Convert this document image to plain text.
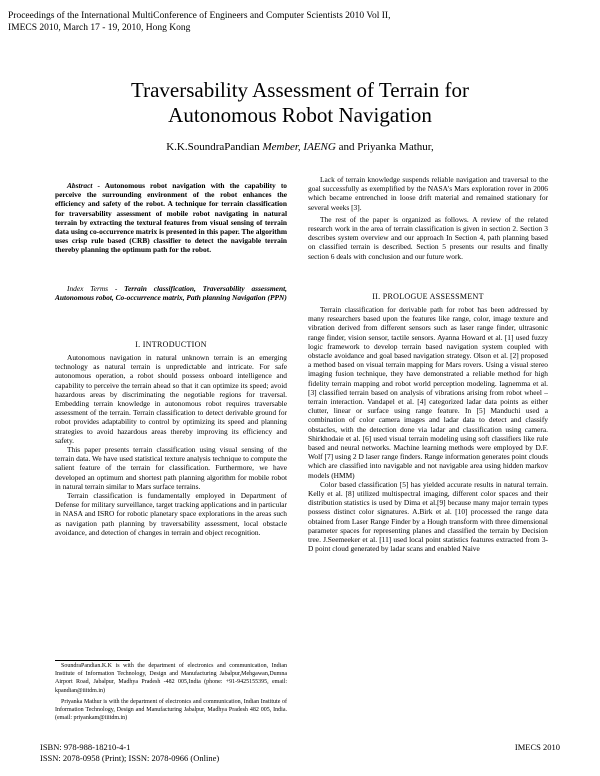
Proceedings of the International MultiConference of Engineers and Computer Scientists 2010 Vol II,
IMECS 2010, March 17 - 19, 2010, Hong Kong
Traversability Assessment of Terrain for
Autonomous Robot Navigation
K.K.SoundraPandian Member, IAENG and Priyanka Mathur,
Abstract - Autonomous robot navigation with the capability to perceive the surrounding environment of the robot enhances the efficiency and safety of the robot. A technique for terrain classification for traversability assessment of mobile robot navigating in natural terrain by extracting the textural features from visual sensing of terrain data using co-occurrence matrix is presented in this paper. The algorithm uses crisp rule based (CRB) classifier to detect the navigable terrain thereby planning the optimum path for the robot.
Index Terms - Terrain classification, Traversability assessment, Autonomous robot, Co-occurrence matrix, Path planning Navigation (PPN)
I. INTRODUCTION

Autonomous navigation in natural unknown terrain is an emerging technology as natural terrain is unpredictable and intricate. For safe autonomous operation, a robot should possess onboard intelligence and capability to perceive the terrain ahead so that it can optimize its speed; avoid hazardous areas by discriminating the negotiable regions for traversal. Embedding terrain knowledge in autonomous robot requires traversable assessment of the terrain. Terrain classification to detect derivable ground for robot provides adaptability to control by optimizing its speed and planning strategies to avoid hazardous areas thereby improving its efficiency and safety.

This paper presents terrain classification using visual sensing of the terrain data. We have used statistical texture analysis technique to compute the salient feature of the terrain for classification. Furthermore, we have developed an optimum and shortest path planning algorithm for mobile robot in natural terrain similar to Mars surface terrains.

Terrain classification is fundamentally employed in Department of Defense for military surveillance, target tracking applications and in particular in NASA and ISRO for robotic planetary space explorations in the areas such as navigation path planning by traversability assessment, local obstacle avoidance, and detection of changes in terrain and object recognition.

SoundraPandian.K.K is with the department of electronics and communication, Indian Institute of Information Technology, Design and Manufacturing Jabalpur,Mehgawan,Dumna Airport Road, Jabalpur, Madhya Pradesh -482 005,India (phone: +91-9425155395, email: kpandian@iiitdm.in)

Priyanka Mathur is with the department of electronics and communication, Indian Institute of Information Technology, Design and Manufacturing Jabalpur, Madhya Pradesh 482 005, India. (email: priyankam@iiitdm.in)

Lack of terrain knowledge suspends reliable navigation and traversal to the goal successfully as exemplified by the NASA's Mars exploration rover in 2006 which became entrenched in loose drift material and remained stationary for several weeks [3].

The rest of the paper is organized as follows. A review of the related research work in the area of terrain classification is given in section 2. Section 3 describes system overview and our approach In Section 4, path planning based on classified terrain is described. Section 5 presents our results and finally section 6 deals with conclusion and our future work.

II. PROLOGUE ASSESSMENT

Terrain classification for derivable path for robot has been addressed by many researchers based upon the features like range, color, image texture and vibration derived from different sensors such as laser range finder, ultrasonic range finder, vision sensor, tactile sensors. Ayanna Howard et al. [1] used fuzzy logic framework to develop terrain based navigation system coupled with obstacle avoidance and goal based navigation strategy. Olson et al. [2] proposed a method based on visual terrain mapping for Mars rovers. Using a visual stereo imaging fusion technique, they have demonstrated a reliable method for high fidelity terrain mapping and robot world perception modeling. Iagnemma et al. [3] classified terrain based on analysis of vibrations arising from robot wheel –terrain interaction. Vandapel et al. [4] categorized ladar data points as either clutter, linear or surface using range feature. In [5] Manduchi used a combination of color camera images and ladar data to detect and classify obstacles, with the detection done via ladar and classification using camera. Shirkhodaie et al. [6] used visual terrain modeling using soft classifiers like rule based and neural networks. Machine learning methods were employed by D.F. Wolf [7] using 2 D laser range finders. Range information generates point clouds which are classified into navigable and not navigable area using hidden markov models (HMM)

Color based classification [5] has yielded accurate results in natural terrain. Kelly et al. [8] utilized multispectral imaging, different color spaces and their distribution statistics is used by Dima et al.[9] because many major terrain types possess distinct color signatures. A.Birk et al. [10] processed the range data obtained from Laser Range Finder by a Hough transform with three dimensional parameter spaces for representing planes and classified the terrain by Decision tree. J.Seemeeker et al. [11] used local point statistics features extracted from 3-D point cloud generated by ladar scans and enabled Naive

ISBN: 978-988-18210-4-1
ISSN: 2078-0958 (Print); ISSN: 2078-0966 (Online)
IMECS 2010
